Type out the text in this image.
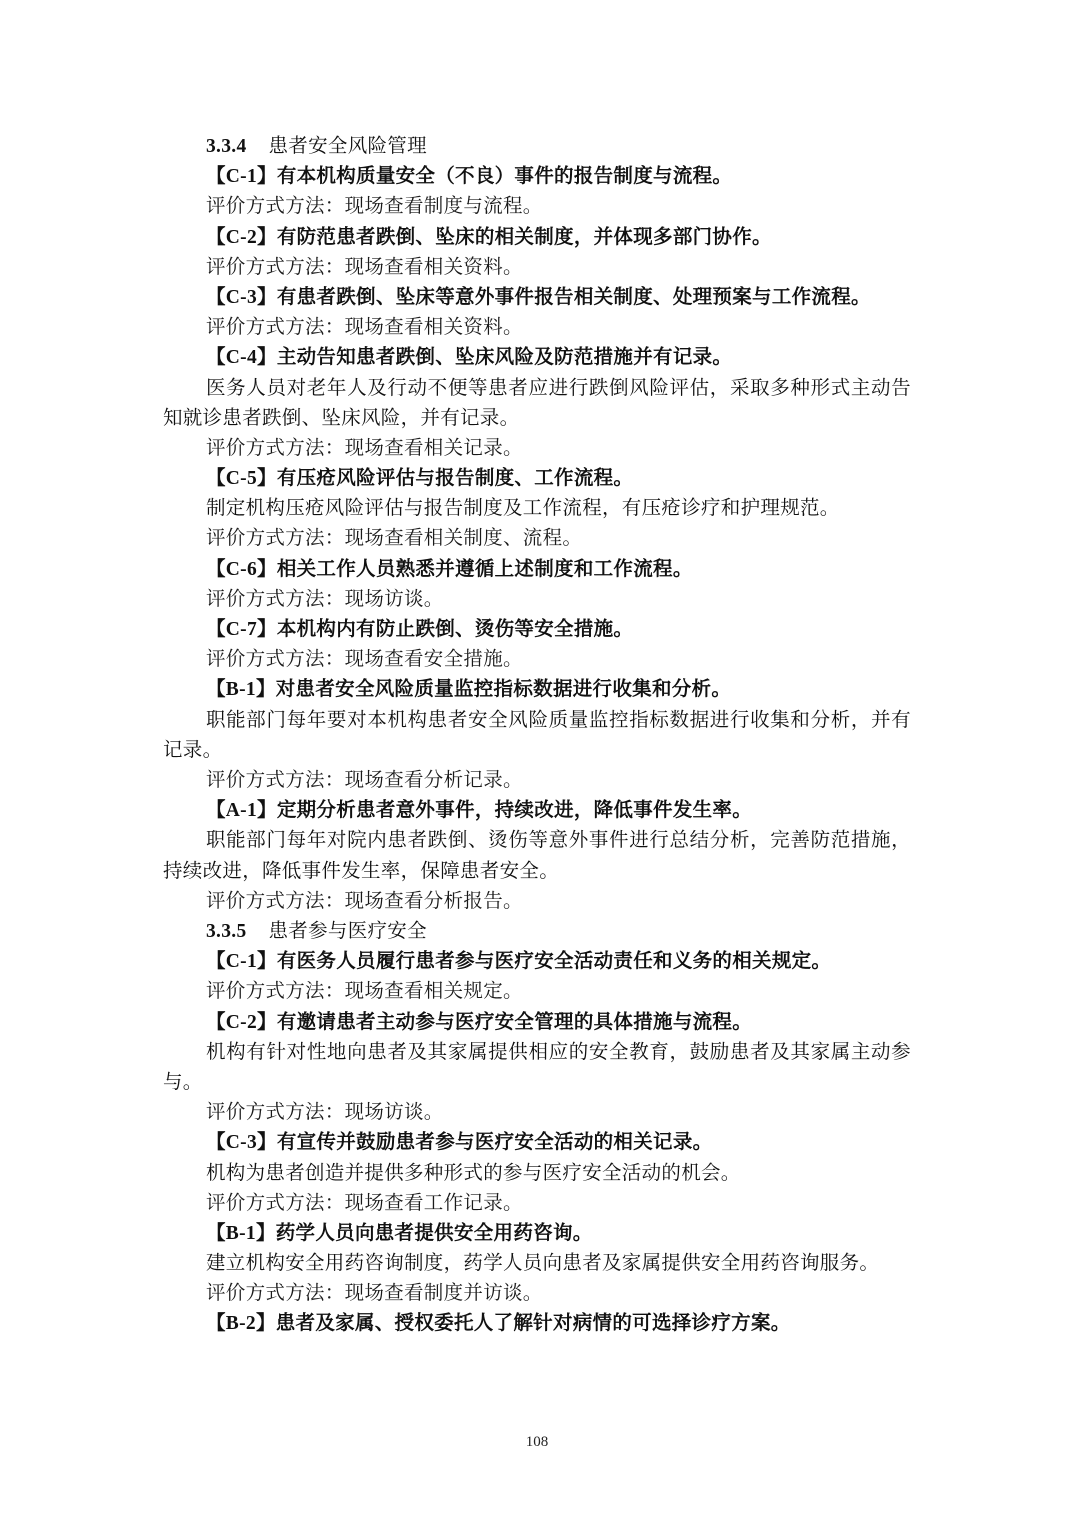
3.3.4 患者安全风险管理
【C-1】有本机构质量安全（不良）事件的报告制度与流程。
评价方式方法：现场查看制度与流程。
【C-2】有防范患者跌倒、坠床的相关制度，并体现多部门协作。
评价方式方法：现场查看相关资料。
【C-3】有患者跌倒、坠床等意外事件报告相关制度、处理预案与工作流程。
评价方式方法：现场查看相关资料。
【C-4】主动告知患者跌倒、坠床风险及防范措施并有记录。
医务人员对老年人及行动不便等患者应进行跌倒风险评估，采取多种形式主动告知就诊患者跌倒、坠床风险，并有记录。
评价方式方法：现场查看相关记录。
【C-5】有压疮风险评估与报告制度、工作流程。
制定机构压疮风险评估与报告制度及工作流程，有压疮诊疗和护理规范。
评价方式方法：现场查看相关制度、流程。
【C-6】相关工作人员熟悉并遵循上述制度和工作流程。
评价方式方法：现场访谈。
【C-7】本机构内有防止跌倒、烫伤等安全措施。
评价方式方法：现场查看安全措施。
【B-1】对患者安全风险质量监控指标数据进行收集和分析。
职能部门每年要对本机构患者安全风险质量监控指标数据进行收集和分析，并有记录。
评价方式方法：现场查看分析记录。
【A-1】定期分析患者意外事件，持续改进，降低事件发生率。
职能部门每年对院内患者跌倒、烫伤等意外事件进行总结分析，完善防范措施，持续改进，降低事件发生率，保障患者安全。
评价方式方法：现场查看分析报告。
3.3.5 患者参与医疗安全
【C-1】有医务人员履行患者参与医疗安全活动责任和义务的相关规定。
评价方式方法：现场查看相关规定。
【C-2】有邀请患者主动参与医疗安全管理的具体措施与流程。
机构有针对性地向患者及其家属提供相应的安全教育，鼓励患者及其家属主动参与。
评价方式方法：现场访谈。
【C-3】有宣传并鼓励患者参与医疗安全活动的相关记录。
机构为患者创造并提供多种形式的参与医疗安全活动的机会。
评价方式方法：现场查看工作记录。
【B-1】药学人员向患者提供安全用药咨询。
建立机构安全用药咨询制度，药学人员向患者及家属提供安全用药咨询服务。
评价方式方法：现场查看制度并访谈。
【B-2】患者及家属、授权委托人了解针对病情的可选择诊疗方案。
108
